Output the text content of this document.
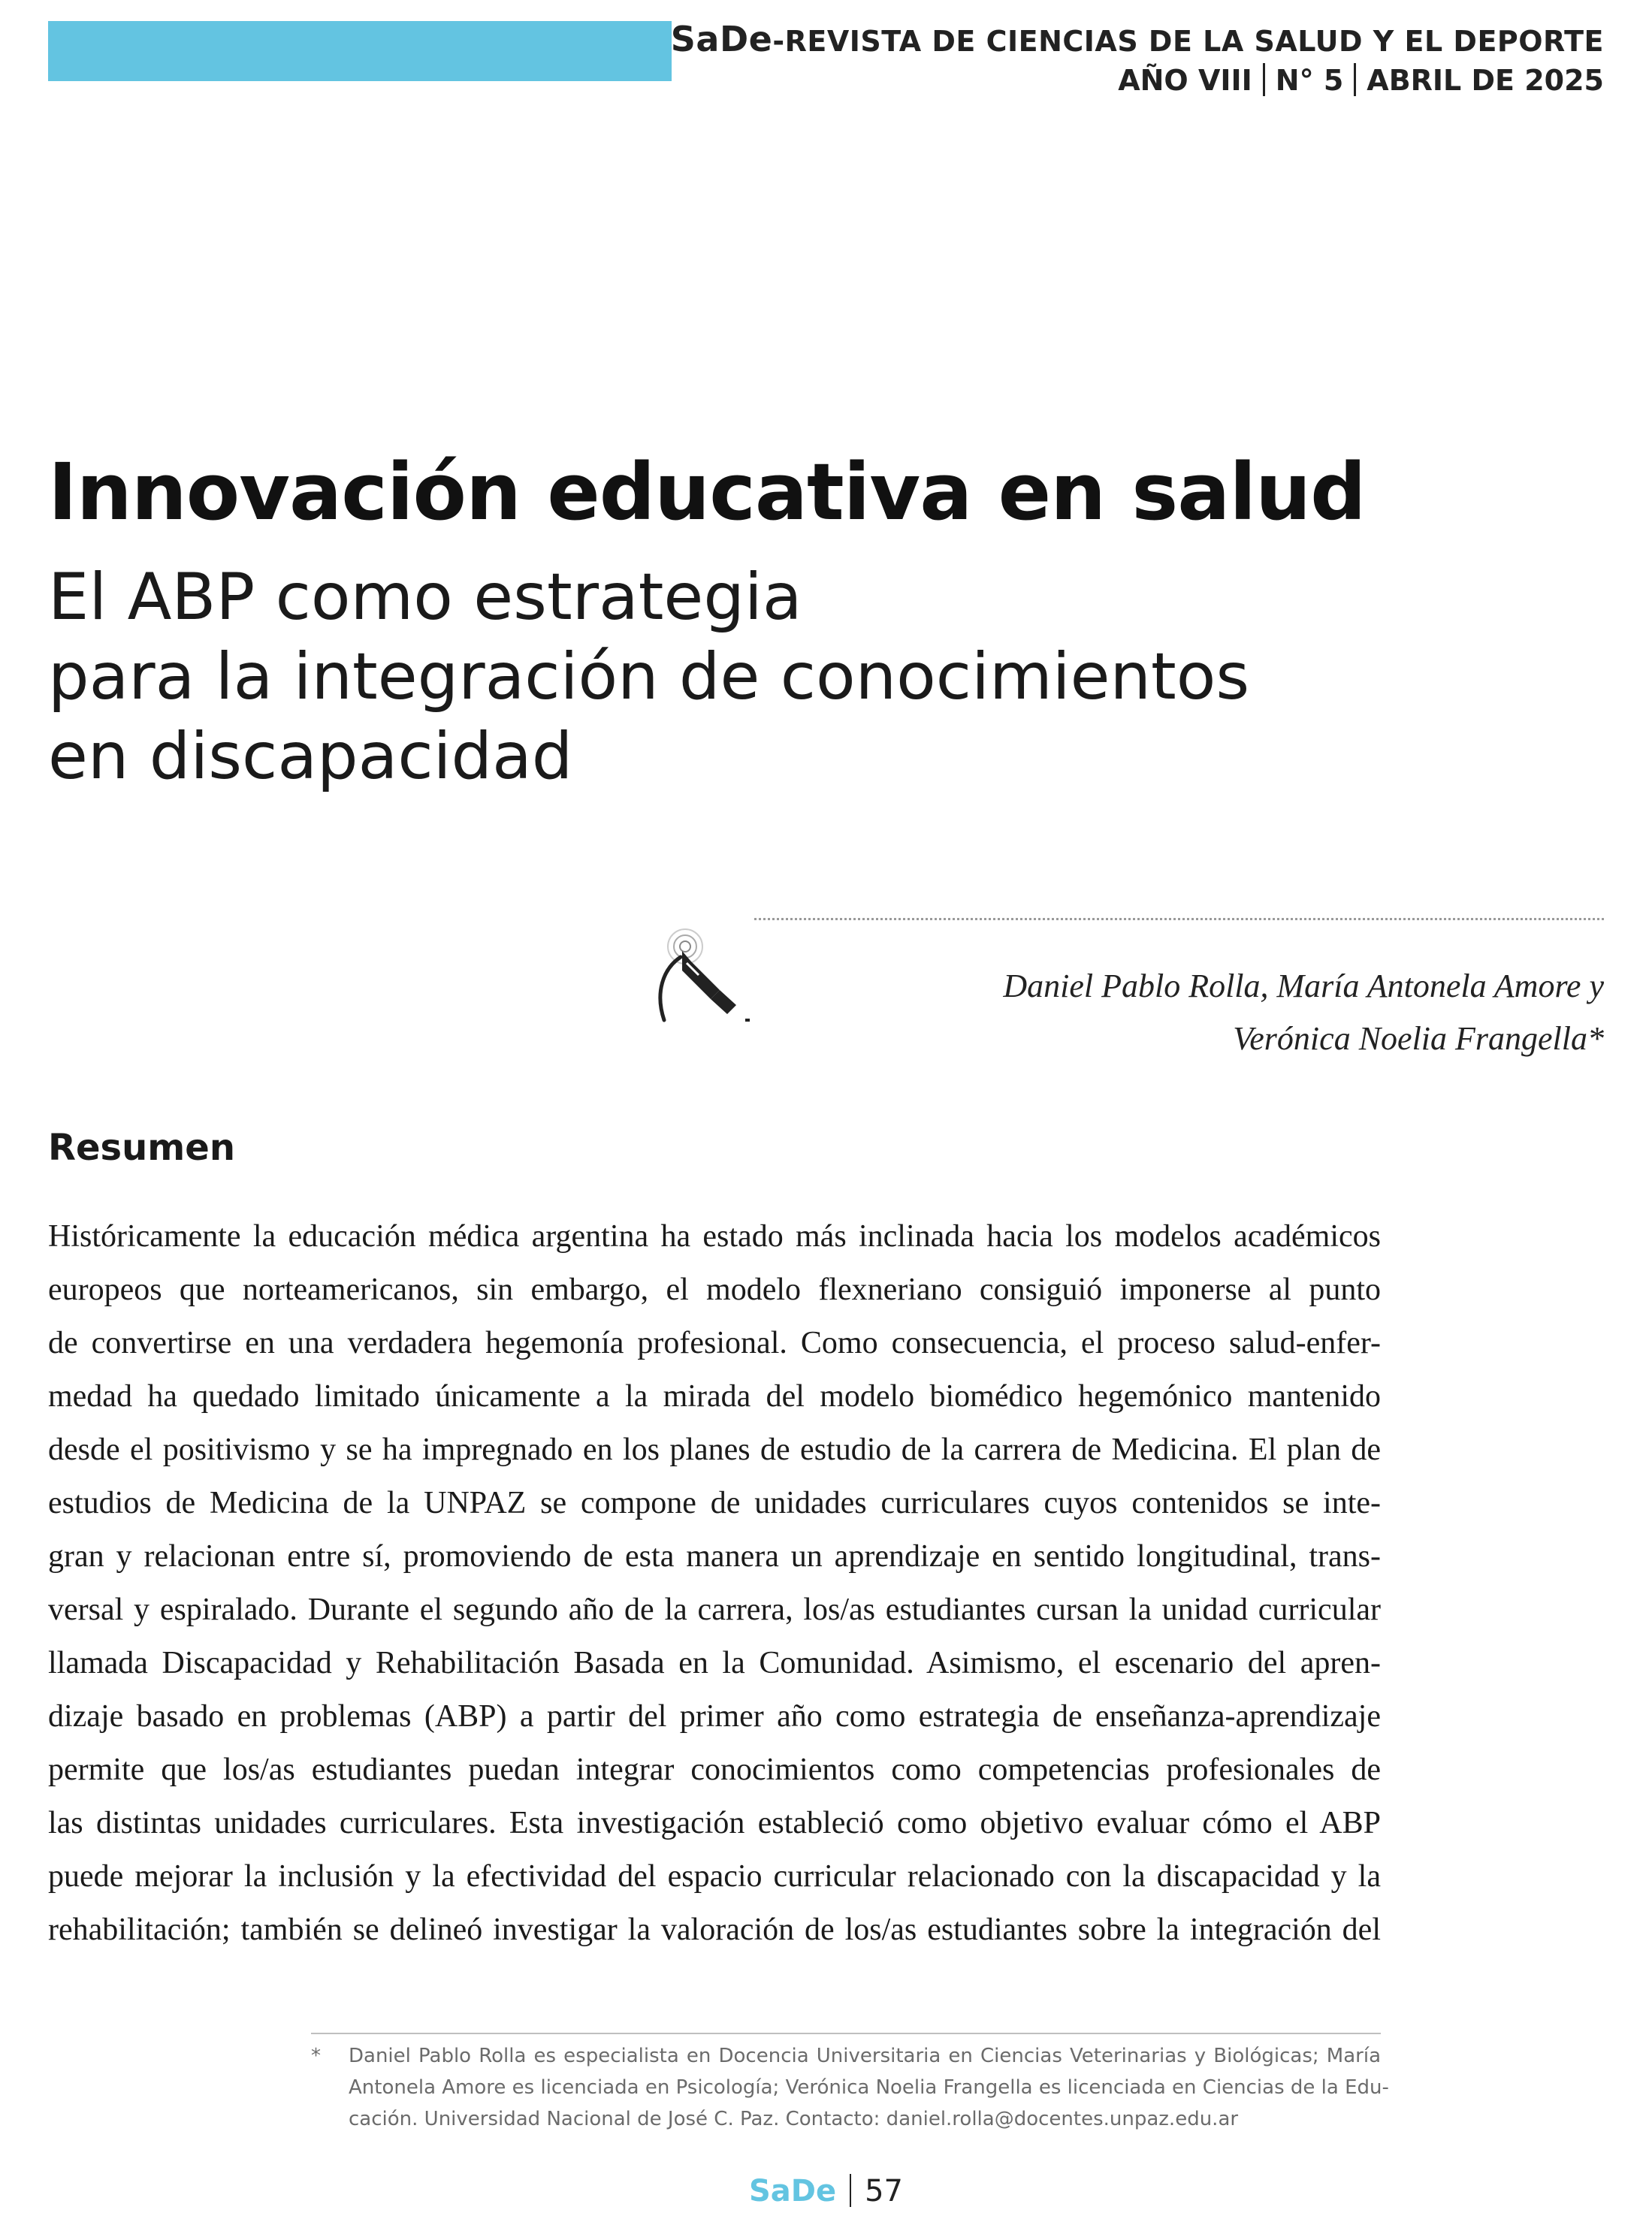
SaDe-REVISTA DE CIENCIAS DE LA SALUD Y EL DEPORTE
AÑO VIII N° 5 ABRIL DE 2025
Innovación educativa en salud
El ABP como estrategia
para la integración de conocimientos
en discapacidad
Daniel Pablo Rolla, María Antonela Amore y
Verónica Noelia Frangella*
Resumen
Históricamente la educación médica argentina ha estado más inclinada hacia los modelos académicos
europeos que norteamericanos, sin embargo, el modelo flexneriano consiguió imponerse al punto
de convertirse en una verdadera hegemonía profesional. Como consecuencia, el proceso salud-enfer-
medad ha quedado limitado únicamente a la mirada del modelo biomédico hegemónico mantenido
desde el positivismo y se ha impregnado en los planes de estudio de la carrera de Medicina. El plan de
estudios de Medicina de la UNPAZ se compone de unidades curriculares cuyos contenidos se inte-
gran y relacionan entre sí, promoviendo de esta manera un aprendizaje en sentido longitudinal, trans-
versal y espiralado. Durante el segundo año de la carrera, los/as estudiantes cursan la unidad curricular
llamada Discapacidad y Rehabilitación Basada en la Comunidad. Asimismo, el escenario del apren-
dizaje basado en problemas (ABP) a partir del primer año como estrategia de enseñanza-aprendizaje
permite que los/as estudiantes puedan integrar conocimientos como competencias profesionales de
las distintas unidades curriculares. Esta investigación estableció como objetivo evaluar cómo el ABP
puede mejorar la inclusión y la efectividad del espacio curricular relacionado con la discapacidad y la
rehabilitación; también se delineó investigar la valoración de los/as estudiantes sobre la integración del
* Daniel Pablo Rolla es especialista en Docencia Universitaria en Ciencias Veterinarias y Biológicas; María
Antonela Amore es licenciada en Psicología; Verónica Noelia Frangella es licenciada en Ciencias de la Edu-
cación. Universidad Nacional de José C. Paz. Contacto: daniel.rolla@docentes.unpaz.edu.ar
SaDe 57
